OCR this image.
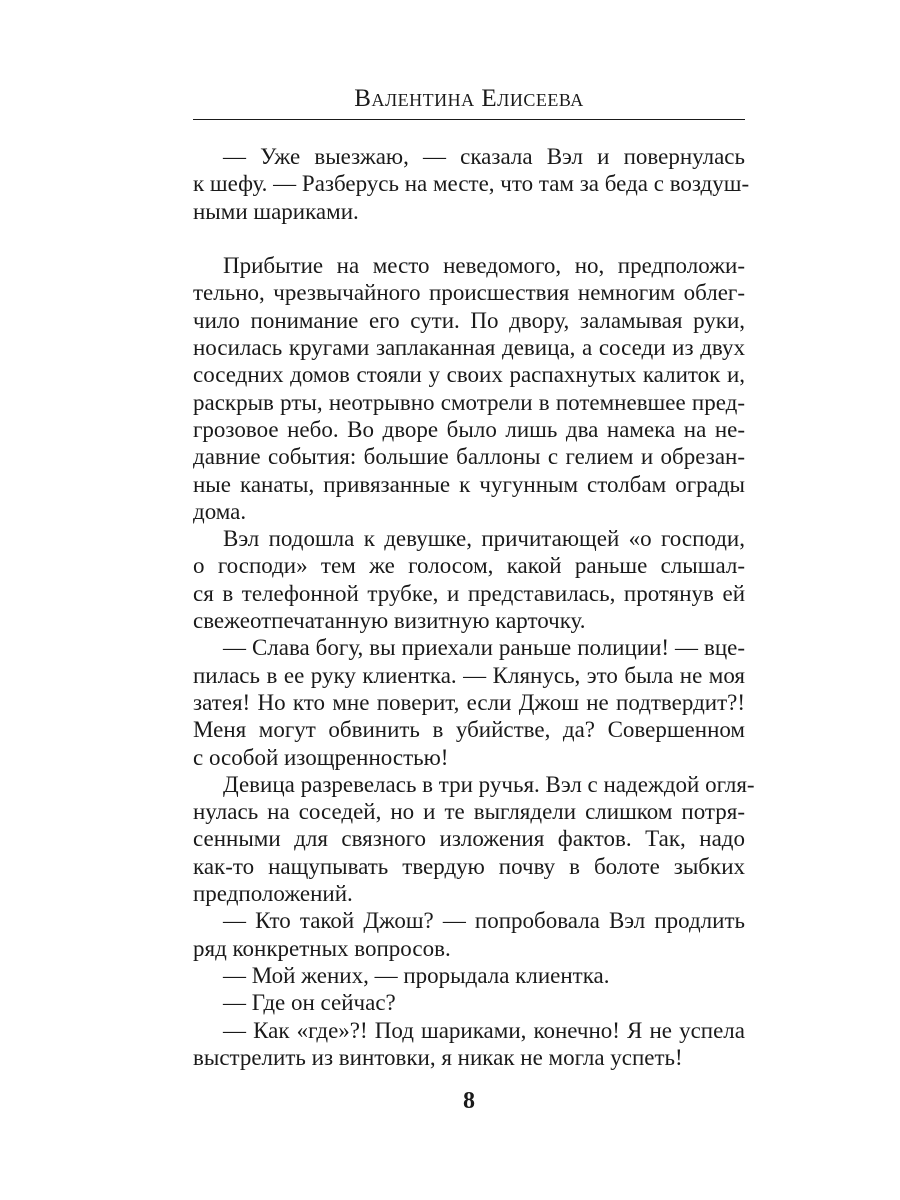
Валентина Елисеева
— Уже выезжаю, — сказала Вэл и повернулась
к шефу. — Разберусь на месте, что там за беда с воздуш-
ными шариками.
Прибытие на место неведомого, но, предположи-
тельно, чрезвычайного происшествия немногим облег-
чило понимание его сути. По двору, заламывая руки,
носилась кругами заплаканная девица, а соседи из двух
соседних домов стояли у своих распахнутых калиток и,
раскрыв рты, неотрывно смотрели в потемневшее пред-
грозовое небо. Во дворе было лишь два намека на не-
давние события: большие баллоны с гелием и обрезан-
ные канаты, привязанные к чугунным столбам ограды
дома.
Вэл подошла к девушке, причитающей «о господи,
о господи» тем же голосом, какой раньше слышал-
ся в телефонной трубке, и представилась, протянув ей
свежеотпечатанную визитную карточку.
— Слава богу, вы приехали раньше полиции! — вце-
пилась в ее руку клиентка. — Клянусь, это была не моя
затея! Но кто мне поверит, если Джош не подтвердит?!
Меня могут обвинить в убийстве, да? Совершенном
с особой изощренностью!
Девица разревелась в три ручья. Вэл с надеждой огля-
нулась на соседей, но и те выглядели слишком потря-
сенными для связного изложения фактов. Так, надо
как-то нащупывать твердую почву в болоте зыбких
предположений.
— Кто такой Джош? — попробовала Вэл продлить
ряд конкретных вопросов.
— Мой жених, — прорыдала клиентка.
— Где он сейчас?
— Как «где»?! Под шариками, конечно! Я не успела
выстрелить из винтовки, я никак не могла успеть!
8
